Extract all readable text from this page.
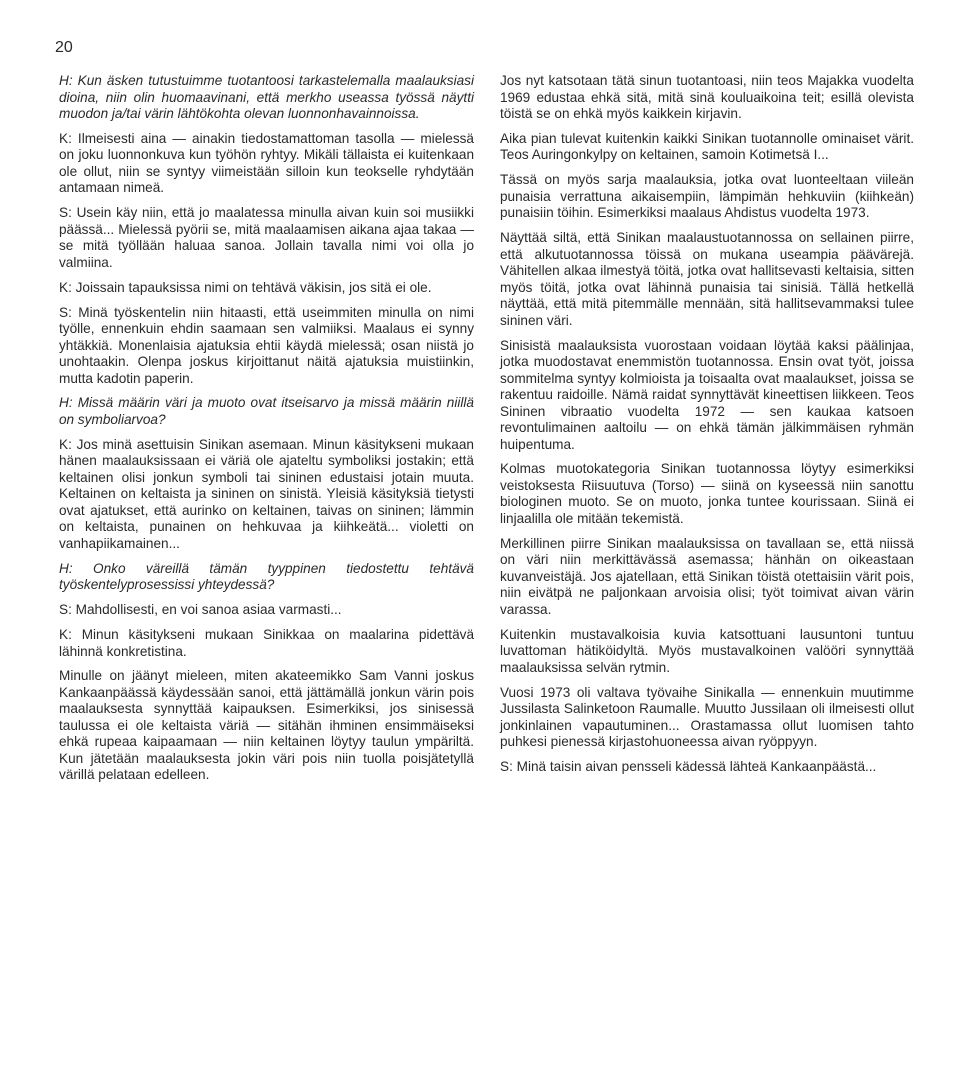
20

H: Kun äsken tutustuimme tuotantoosi tarkastelemalla maalauksiasi dioina, niin olin huomaavinani, että merkho useassa työssä näytti muodon ja/tai värin lähtökohta olevan luonnonhavainnoissa.

K: Ilmeisesti aina — ainakin tiedostamattoman tasolla — mielessä on joku luonnonkuva kun työhön ryhtyy. Mikäli tällaista ei kuitenkaan ole ollut, niin se syntyy viimeistään silloin kun teokselle ryhdytään antamaan nimeä.

S: Usein käy niin, että jo maalatessa minulla aivan kuin soi musiikki päässä... Mielessä pyörii se, mitä maalaamisen aikana ajaa takaa — se mitä työllään haluaa sanoa. Jollain tavalla nimi voi olla jo valmiina.

K: Joissain tapauksissa nimi on tehtävä väkisin, jos sitä ei ole.

S: Minä työskentelin niin hitaasti, että useimmiten minulla on nimi työlle, ennenkuin ehdin saamaan sen valmiiksi. Maalaus ei synny yhtäkkiä. Monenlaisia ajatuksia ehtii käydä mielessä; osan niistä jo unohtaakin. Olenpa joskus kirjoittanut näitä ajatuksia muistiinkin, mutta kadotin paperin.

H: Missä määrin väri ja muoto ovat itseisarvo ja missä määrin niillä on symboliarvoa?

K: Jos minä asettuisin Sinikan asemaan. Minun käsitykseni mukaan hänen maalauksissaan ei väriä ole ajateltu symboliksi jostakin; että keltainen olisi jonkun symboli tai sininen edustaisi jotain muuta. Keltainen on keltaista ja sininen on sinistä. Yleisiä käsityksiä tietysti ovat ajatukset, että aurinko on keltainen, taivas on sininen; lämmin on keltaista, punainen on hehkuvaa ja kiihkeätä... violetti on vanhapiikamainen...

H: Onko väreillä tämän tyyppinen tiedostettu tehtävä työskentelyprosessissi yhteydessä?

S: Mahdollisesti, en voi sanoa asiaa varmasti...

K: Minun käsitykseni mukaan Sinikkaa on maalarina pidettävä lähinnä konkretistina.

Minulle on jäänyt mieleen, miten akateemikko Sam Vanni joskus Kankaanpäässä käydessään sanoi, että jättämällä jonkun värin pois maalauksesta synnyttää kaipauksen. Esimerkiksi, jos sinisessä taulussa ei ole keltaista väriä — sitähän ihminen ensimmäiseksi ehkä rupeaa kaipaamaan — niin keltainen löytyy taulun ympäriltä. Kun jätetään maalauksesta jokin väri pois niin tuolla poisjätetyllä värillä pelataan edelleen.

Jos nyt katsotaan tätä sinun tuotantoasi, niin teos Majakka vuodelta 1969 edustaa ehkä sitä, mitä sinä kouluaikoina teit; esillä olevista töistä se on ehkä myös kaikkein kirjavin.

Aika pian tulevat kuitenkin kaikki Sinikan tuotannolle ominaiset värit. Teos Auringonkylpy on keltainen, samoin Kotimetsä I...

Tässä on myös sarja maalauksia, jotka ovat luonteeltaan viileän punaisia verrattuna aikaisempiin, lämpimän hehkuviin (kiihkeän) punaisiin töihin. Esimerkiksi maalaus Ahdistus vuodelta 1973.

Näyttää siltä, että Sinikan maalaustuotannossa on sellainen piirre, että alkutuotannossa töissä on mukana useampia päävärejä. Vähitellen alkaa ilmestyä töitä, jotka ovat hallitsevasti keltaisia, sitten myös töitä, jotka ovat lähinnä punaisia tai sinisiä. Tällä hetkellä näyttää, että mitä pitemmälle mennään, sitä hallitsevammaksi tulee sininen väri.

Sinisistä maalauksista vuorostaan voidaan löytää kaksi päälinjaa, jotka muodostavat enemmistön tuotannossa. Ensin ovat työt, joissa sommitelma syntyy kolmioista ja toisaalta ovat maalaukset, joissa se rakentuu raidoille. Nämä raidat synnyttävät kineettisen liikkeen. Teos Sininen vibraatio vuodelta 1972 — sen kaukaa katsoen revontulimainen aaltoilu — on ehkä tämän jälkimmäisen ryhmän huipentuma.

Kolmas muotokategoria Sinikan tuotannossa löytyy esimerkiksi veistoksesta Riisuutuva (Torso) — siinä on kyseessä niin sanottu biologinen muoto. Se on muoto, jonka tuntee kourissaan. Siinä ei linjaalilla ole mitään tekemistä.

Merkillinen piirre Sinikan maalauksissa on tavallaan se, että niissä on väri niin merkittävässä asemassa; hänhän on oikeastaan kuvanveistäjä. Jos ajatellaan, että Sinikan töistä otettaisiin värit pois, niin eivätpä ne paljonkaan arvoisia olisi; työt toimivat aivan värin varassa.

Kuitenkin mustavalkoisia kuvia katsottuani lausuntoni tuntuu luvattoman hätiköidyltä. Myös mustavalkoinen valööri synnyttää maalauksissa selvän rytmin.

Vuosi 1973 oli valtava työvaihe Sinikalla — ennenkuin muutimme Jussilasta Salinketoon Raumalle. Muutto Jussilaan oli ilmeisesti ollut jonkinlainen vapautuminen... Orastamassa ollut luomisen tahto puhkesi pienessä kirjastohuoneessa aivan ryöppyyn.

S: Minä taisin aivan pensseli kädessä lähteä Kankaanpäästä...
